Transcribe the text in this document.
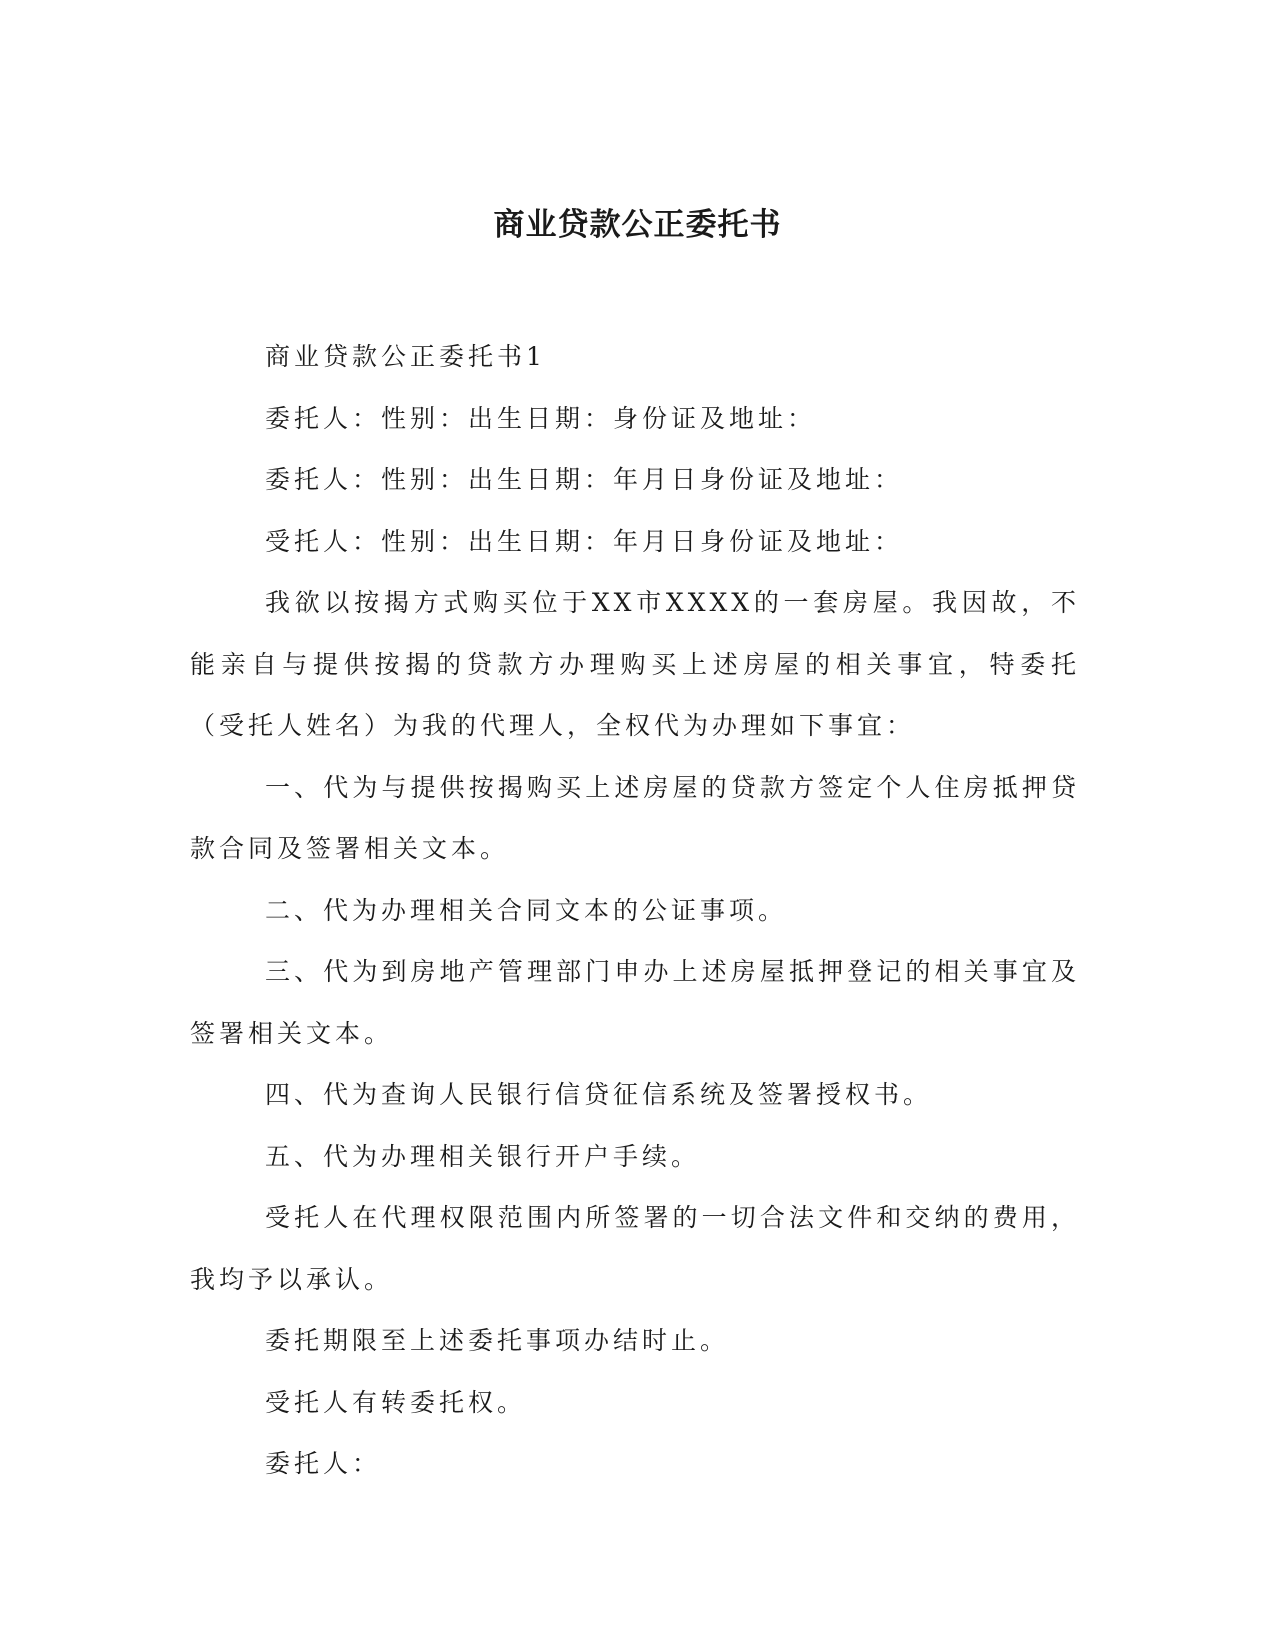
商业贷款公正委托书

商业贷款公正委托书1

委托人：性别：出生日期：身份证及地址：

委托人：性别：出生日期：年月日身份证及地址：

受托人：性别：出生日期：年月日身份证及地址：

我欲以按揭方式购买位于XX市XXXX的一套房屋。我因故，不能亲自与提供按揭的贷款方办理购买上述房屋的相关事宜，特委托（受托人姓名）为我的代理人，全权代为办理如下事宜：

一、代为与提供按揭购买上述房屋的贷款方签定个人住房抵押贷款合同及签署相关文本。

二、代为办理相关合同文本的公证事项。

三、代为到房地产管理部门申办上述房屋抵押登记的相关事宜及签署相关文本。

四、代为查询人民银行信贷征信系统及签署授权书。

五、代为办理相关银行开户手续。

受托人在代理权限范围内所签署的一切合法文件和交纳的费用，我均予以承认。

委托期限至上述委托事项办结时止。

受托人有转委托权。

委托人：
